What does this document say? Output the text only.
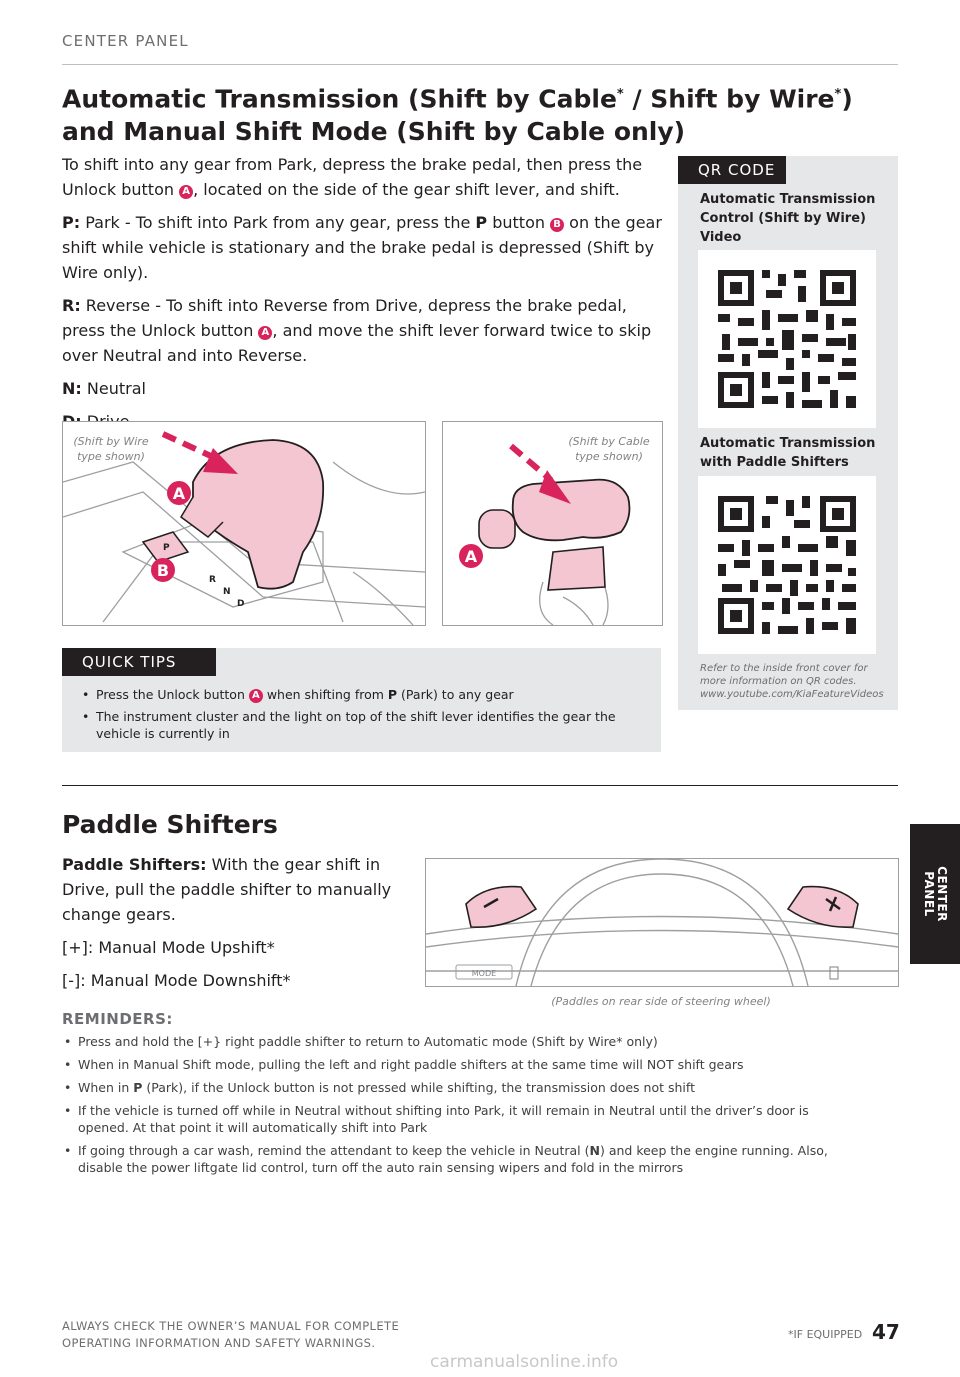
CENTER PANEL
Automatic Transmission (Shift by Cable* / Shift by Wire*)
and Manual Shift Mode (Shift by Cable only)

To shift into any gear from Park, depress the brake pedal, then press the Unlock button A , located on the side of the gear shift lever, and shift.

P: Park - To shift into Park from any gear, press the P button B on the gear shift while vehicle is stationary and the brake pedal is depressed (Shift by Wire only).

R: Reverse - To shift into Reverse from Drive, depress the brake pedal, press the Unlock button A , and move the shift lever forward twice to skip over Neutral and into Reverse.

N: Neutral

P
R
N
D
A
B
(Shift by Wire type shown)
A
(Shift by Cable type shown)
QUICK TIPS
• Press the Unlock button A when shifting from P (Park) to any gear
• The instrument cluster and the light on top of the shift lever identifies the gear the vehicle is currently in
QR CODE
Automatic Transmission Control (Shift by Wire) Video
Automatic Transmission with Paddle Shifters
Refer to the inside front cover for more information on QR codes. www.youtube.com/KiaFeatureVideos
Paddle Shifters

Paddle Shifters: With the gear shift in Drive, pull the paddle shifter to manually change gears.

[+]: Manual Mode Upshift*

[-]: Manual Mode Downshift*	MODE
(Paddles on rear side of steering wheel)
REMINDERS:
• Press and hold the [+} right paddle shifter to return to Automatic mode (Shift by Wire* only)
• When in Manual Shift mode, pulling the left and right paddle shifters at the same time will NOT shift gears
• When in P (Park), if the Unlock button is not pressed while shifting, the transmission does not shift
• If the vehicle is turned off while in Neutral without shifting into Park, it will remain in Neutral until the driver’s door is opened. At that point it will automatically shift into Park
• If going through a car wash, remind the attendant to keep the vehicle in Neutral (N) and keep the engine running. Also, disable the power liftgate lid control, turn off the auto rain sensing wipers and fold in the mirrors
CENTER
PANEL
ALWAYS CHECK THE OWNER’S MANUAL FOR COMPLETE
OPERATING INFORMATION AND SAFETY WARNINGS.
*IF EQUIPPED 47
carmanualsonline.info
